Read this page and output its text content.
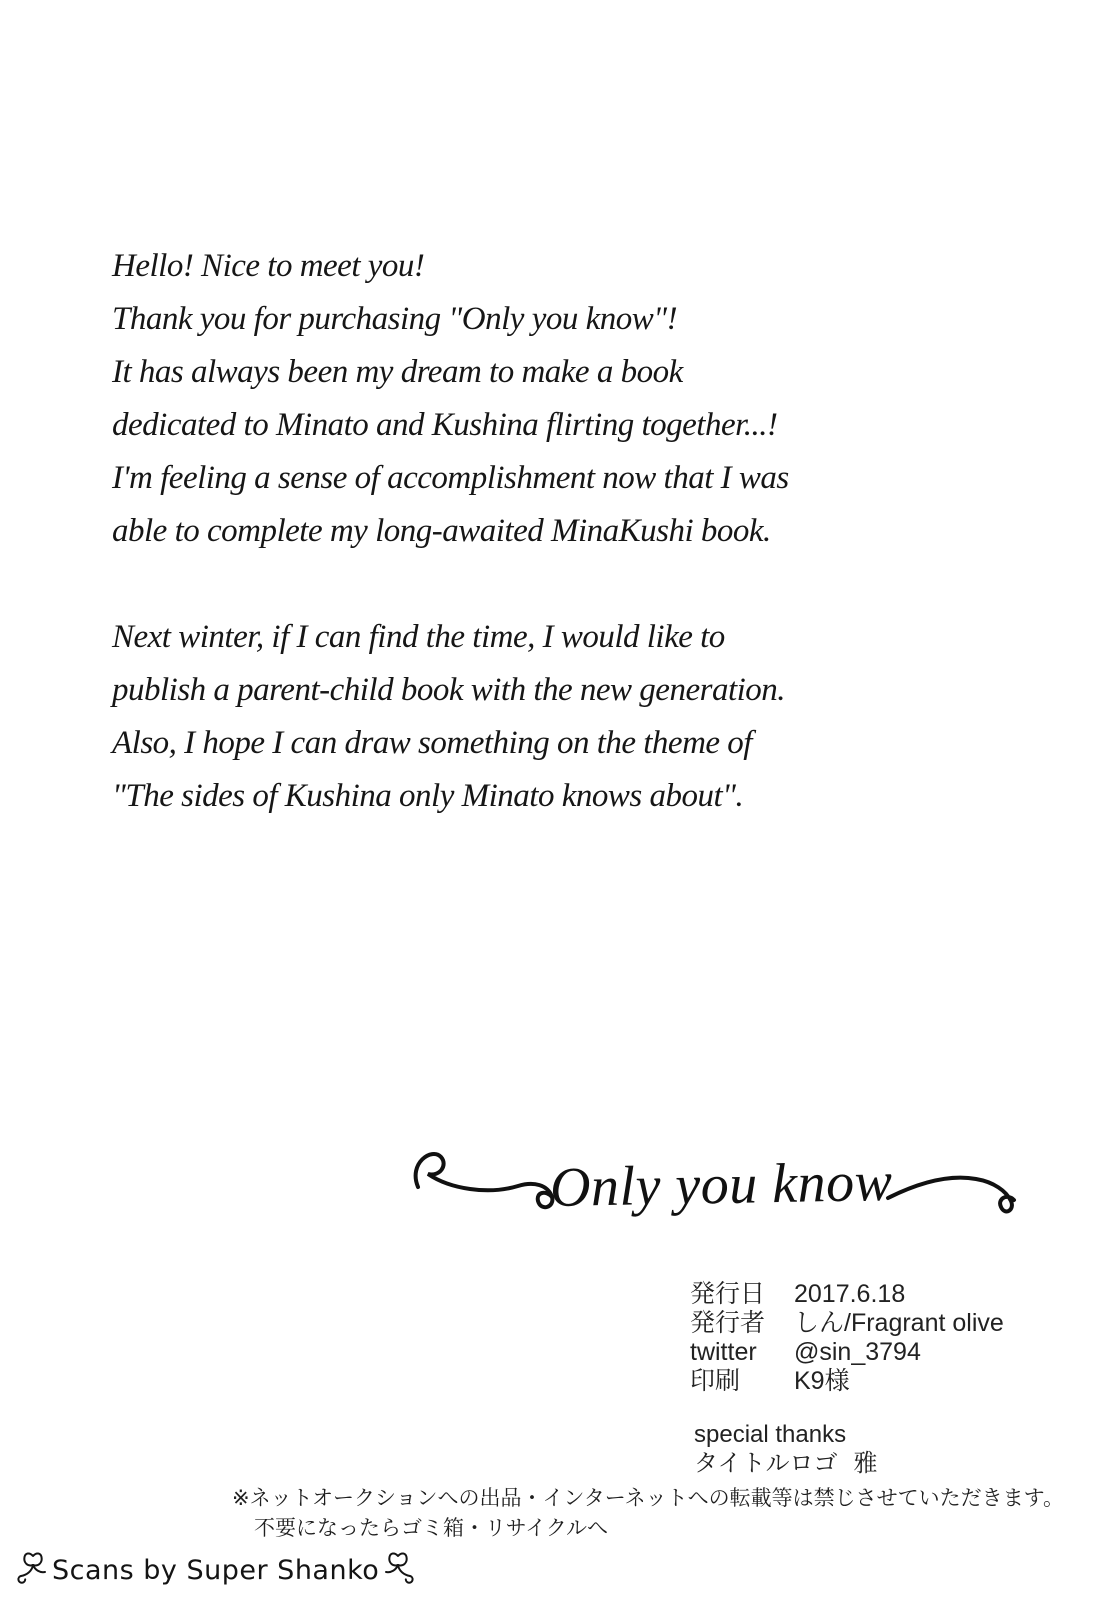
Hello! Nice to meet you!
Thank you for purchasing "Only you know"!
It has always been my dream to make a book
dedicated to Minato and Kushina flirting together...!
I'm feeling a sense of accomplishment now that I was
able to complete my long-awaited MinaKushi book.
Next winter, if I can find the time, I would like to
publish a parent-child book with the new generation.
Also, I hope I can draw something on the theme of
"The sides of Kushina only Minato knows about".
Only you know
発行日	2017.6.18
発行者	しん/Fragrant olive
twitter	@sin_3794
印刷	K9様
special thanks
タイトルロゴ 雅
※ネットオークションへの出品・インターネットへの転載等は禁じさせていただきます。
不要になったらゴミ箱・リサイクルへ
Scans by Super Shanko
